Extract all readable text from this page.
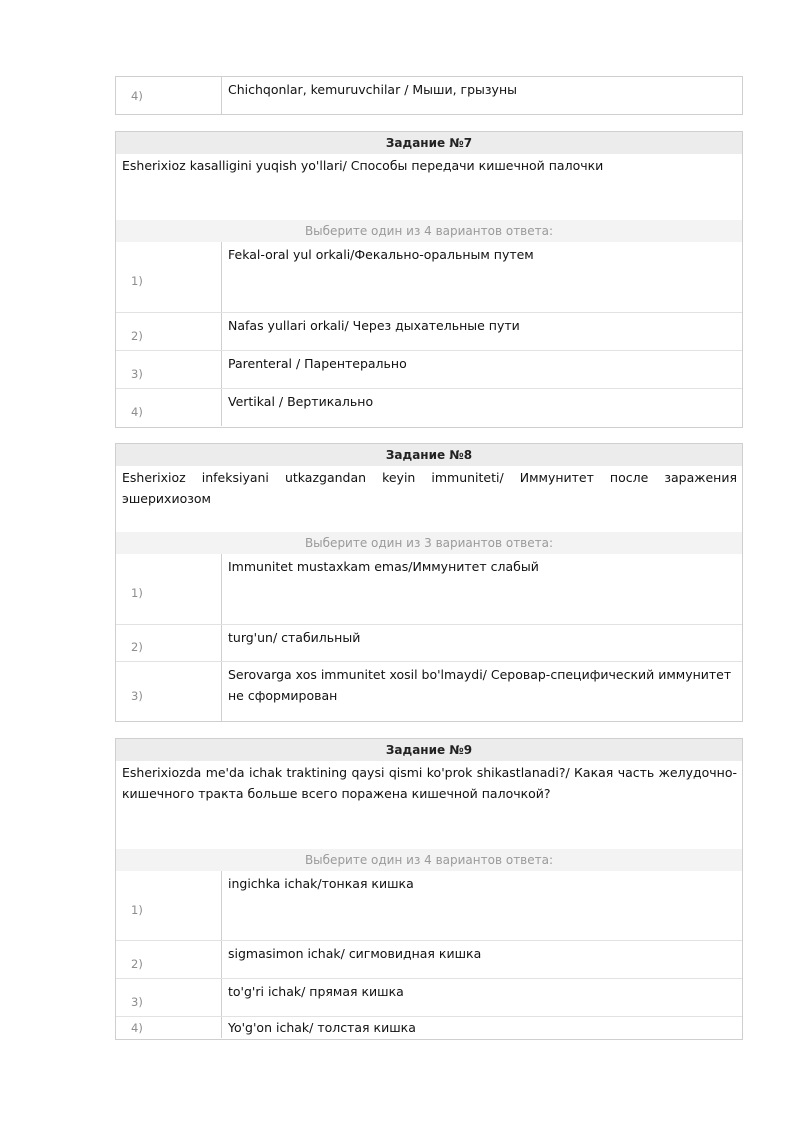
4)	Chichqonlar, kemuruvchilar / Мыши, грызуны
Задание №7
Esherixioz kasalligini yuqish yo'llari/ Способы передачи кишечной палочки
Выберите один из 4 вариантов ответа:
1)
Fekal-oral yul orkali/Фекально-оральным путем
2)
Nafas yullari orkali/ Через дыхательные пути
3)
Parenteral / Парентерально
4)
Vertikal / Вертикально
Задание №8
Esherixioz infeksiyani utkazgandan keyin immuniteti/ Иммунитет после заражения эшерихиозом
Выберите один из 3 вариантов ответа:
1)
Immunitet mustaxkam emas/Иммунитет слабый
2)
turg'un/ стабильный
3)
Serovarga xos immunitet xosil bo'lmaydi/ Серовар-специфический иммунитет не сформирован
Задание №9
Esherixiozda me'da ichak traktining qaysi qismi ko'prok shikastlanadi?/ Какая часть желудочно-кишечного тракта больше всего поражена кишечной палочкой?
Выберите один из 4 вариантов ответа:
1)
ingichka ichak/тонкая кишка
2)
sigmasimon ichak/ сигмовидная кишка
3)
to'g'ri ichak/ прямая кишка
4)	Yo'g'on ichak/ толстая кишка
